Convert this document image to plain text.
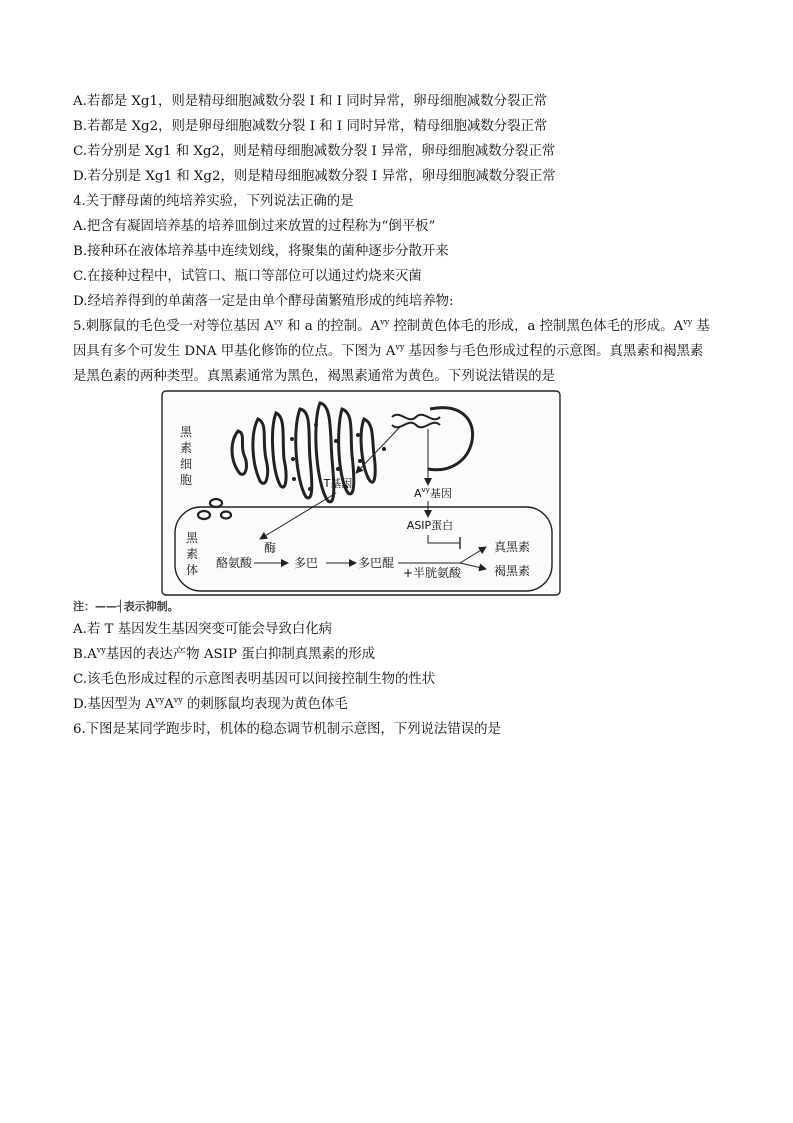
A.若都是 Xg1，则是精母细胞减数分裂 I 和 I 同时异常，卵母细胞减数分裂正常
B.若都是 Xg2，则是卵母细胞减数分裂 I 和 I 同时异常，精母细胞减数分裂正常
C.若分别是 Xg1 和 Xg2，则是精母细胞减数分裂 I 异常，卵母细胞减数分裂正常
D.若分别是 Xg1 和 Xg2，则是精母细胞减数分裂 I 异常，卵母细胞减数分裂正常
4.关于酵母菌的纯培养实验，下列说法正确的是
A.把含有凝固培养基的培养皿倒过来放置的过程称为“倒平板”
B.接种环在液体培养基中连续划线，将聚集的菌种逐步分散开来
C.在接种过程中，试管口、瓶口等部位可以通过灼烧来灭菌
D.经培养得到的单菌落一定是由单个酵母菌繁殖形成的纯培养物:
5.刺豚鼠的毛色受一对等位基因 $A^{vy}$ 和 a 的控制。$A^{vy}$ 控制黄色体毛的形成，a 控制黑色体毛的形成。$A^{vy}$ 基
因具有多个可发生 DNA 甲基化修饰的位点。下图为 $A^{vy}$ 基因参与毛色形成过程的示意图。真黑素和褐黑素
是黑色素的两种类型。真黑素通常为黑色，褐黑素通常为黄色。下列说法错误的是
黑
素
细
胞
黑
素
体
T基因
$A^{vy}$基因
ASIP蛋白
酶
酪氨酸	多巴	多巴醌
+半胱氨酸
真黑素
褐黑素
注：——┤表示抑制。
A.若 T 基因发生基因突变可能会导致白化病
$B.A^{vy}$基因的表达产物 ASIP 蛋白抑制真黑素的形成
C.该毛色形成过程的示意图表明基因可以间接控制生物的性状
D.基因型为 $A^{vy}A^{vy}$ 的刺豚鼠均表现为黄色体毛
6.下图是某同学跑步时，机体的稳态调节机制示意图，下列说法错误的是
